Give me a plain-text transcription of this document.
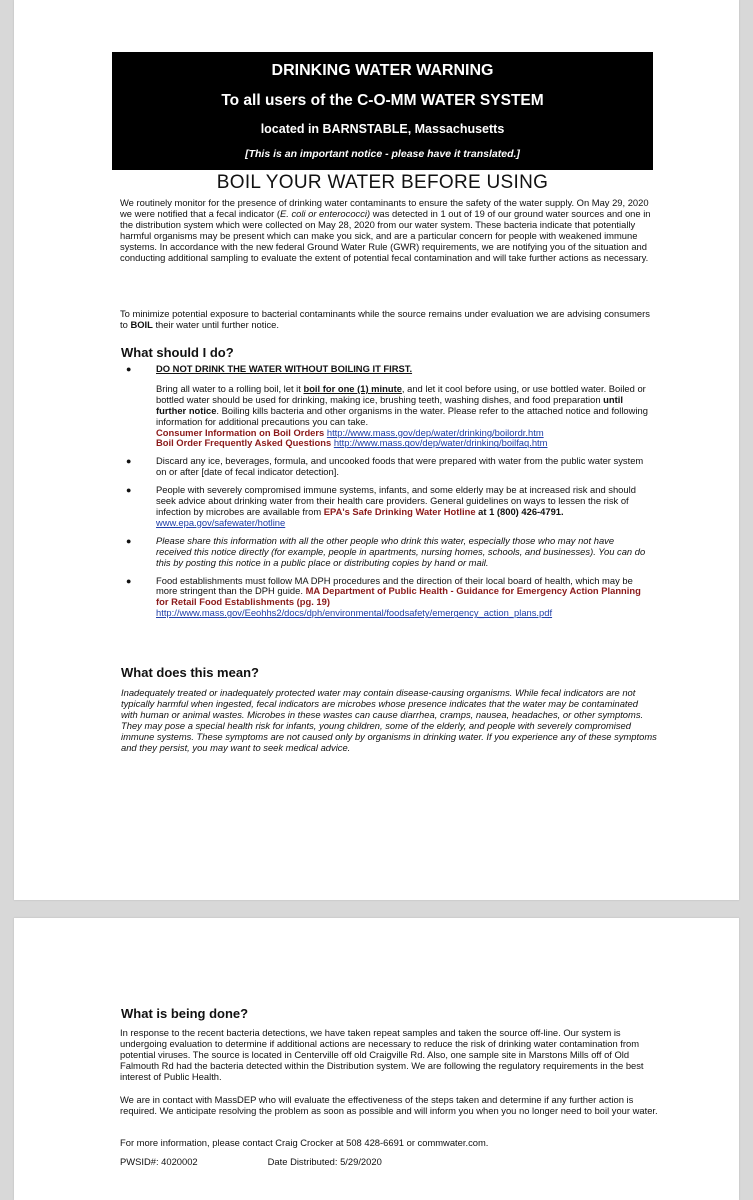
DRINKING WATER WARNING
To all users of the C-O-MM WATER SYSTEM
located in BARNSTABLE, Massachusetts
[This is an important notice - please have it translated.]
BOIL YOUR WATER BEFORE USING

We routinely monitor for the presence of drinking water contaminants to ensure the safety of the water supply. On May 29, 2020 we were notified that a fecal indicator (E. coli or enterococci) was detected in 1 out of 19 of our ground water sources and one in the distribution system which were collected on May 28, 2020 from our water system. These bacteria indicate that potentially harmful organisms may be present which can make you sick, and are a particular concern for people with weakened immune systems. In accordance with the new federal Ground Water Rule (GWR) requirements, we are notifying you of the situation and conducting additional sampling to evaluate the extent of potential fecal contamination and will take further actions as necessary.

To minimize potential exposure to bacterial contaminants while the source remains under evaluation we are advising consumers to BOIL their water until further notice.

What should I do?
●	DO NOT DRINK THE WATER WITHOUT BOILING IT FIRST.

Bring all water to a rolling boil, let it boil for one (1) minute, and let it cool before using, or use bottled water. Boiled or bottled water should be used for drinking, making ice, brushing teeth, washing dishes, and food preparation until further notice. Boiling kills bacteria and other organisms in the water. Please refer to the attached notice and following information for additional precautions you can take.

Consumer Information on Boil Orders http://www.mass.gov/dep/water/drinking/boilordr.htm

Boil Order Frequently Asked Questions http://www.mass.gov/dep/water/drinking/boilfaq.htm

●	Discard any ice, beverages, formula, and uncooked foods that were prepared with water from the public water system on or after [date of fecal indicator detection].

●	People with severely compromised immune systems, infants, and some elderly may be at increased risk and should seek advice about drinking water from their health care providers. General guidelines on ways to lessen the risk of infection by microbes are available from EPA's Safe Drinking Water Hotline at 1 (800) 426-4791.  www.epa.gov/safewater/hotline

●	Please share this information with all the other people who drink this water, especially those who may not have received this notice directly (for example, people in apartments, nursing homes, schools, and businesses). You can do this by posting this notice in a public place or distributing copies by hand or mail.

●	Food establishments must follow MA DPH procedures and the direction of their local board of health, which may be more stringent than the DPH guide. MA Department of Public Health - Guidance for Emergency Action Planning for Retail Food Establishments (pg. 19)
http://www.mass.gov/Eeohhs2/docs/dph/environmental/foodsafety/emergency_action_plans.pdf

What does this mean?

Inadequately treated or inadequately protected water may contain disease-causing organisms. While fecal indicators are not typically harmful when ingested, fecal indicators are microbes whose presence indicates that the water may be contaminated with human or animal wastes. Microbes in these wastes can cause diarrhea, cramps, nausea, headaches, or other symptoms. They may pose a special health risk for infants, young children, some of the elderly, and people with severely compromised immune systems. These symptoms are not caused only by organisms in drinking water. If you experience any of these symptoms and they persist, you may want to seek medical advice.

What is being done?

In response to the recent bacteria detections, we have taken repeat samples and taken the source off-line. Our system is undergoing evaluation to determine if additional actions are necessary to reduce the risk of drinking water contamination from potential viruses. The source is located in Centerville off old Craigville Rd. Also, one sample site in Marstons Mills off of Old Falmouth Rd had the bacteria detected within the Distribution system. We are following the regulatory requirements in the best interest of Public Health.

We are in contact with MassDEP who will evaluate the effectiveness of the steps taken and determine if any further action is required. We anticipate resolving the problem as soon as possible and will inform you when you no longer need to boil your water.

For more information, please contact Craig Crocker at 508 428-6691 or commwater.com.

PWSID#: 4020002	Date Distributed: 5/29/2020
